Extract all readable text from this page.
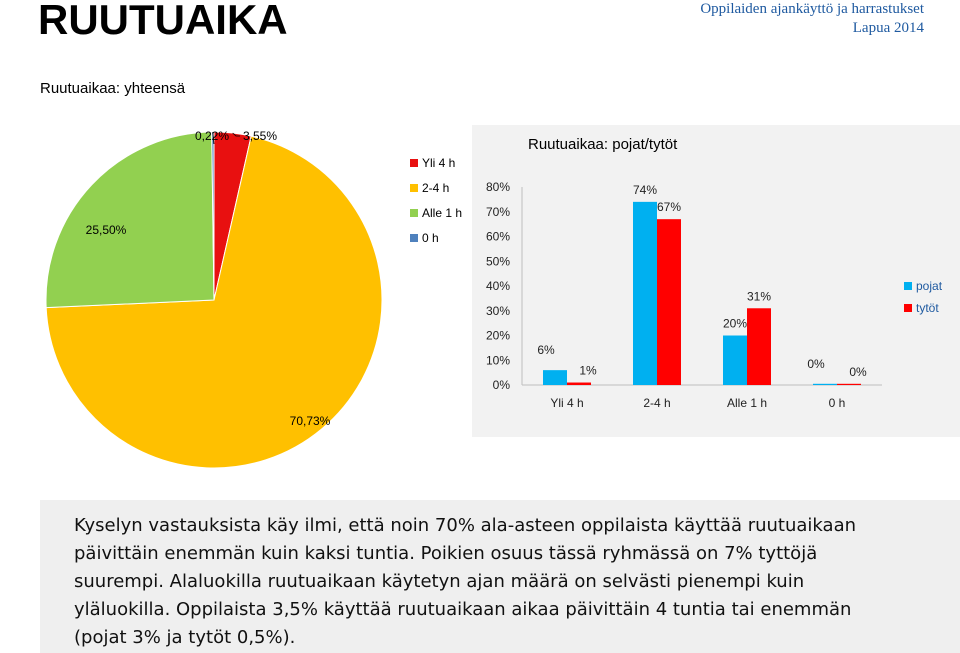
RUUTUAIKA	Oppilaiden ajankäyttö ja harrastukset
Lapua 2014
Ruutuaikaa: yhteensä
3,55%
70,73%
25,50%
0,22%
Yli 4 h
2-4 h
Alle 1 h
0 h
0%
10%
20%
30%
40%
50%
60%
70%
80%
Yli 4 h
6%
1%
2-4 h
74%
67%
Alle 1 h
20%
31%
0 h
0%
0%
Ruutuaikaa: pojat/tytöt
pojat
tytöt
Kyselyn vastauksista käy ilmi, että noin 70% ala-asteen oppilaista käyttää ruutuaikaan päivittäin enemmän kuin kaksi tuntia. Poikien osuus tässä ryhmässä on 7% tyttöjä suurempi. Alaluokilla ruutuaikaan käytetyn ajan määrä on selvästi pienempi kuin yläluokilla. Oppilaista 3,5% käyttää ruutuaikaan aikaa päivittäin 4 tuntia tai enemmän (pojat 3% ja tytöt 0,5%).
